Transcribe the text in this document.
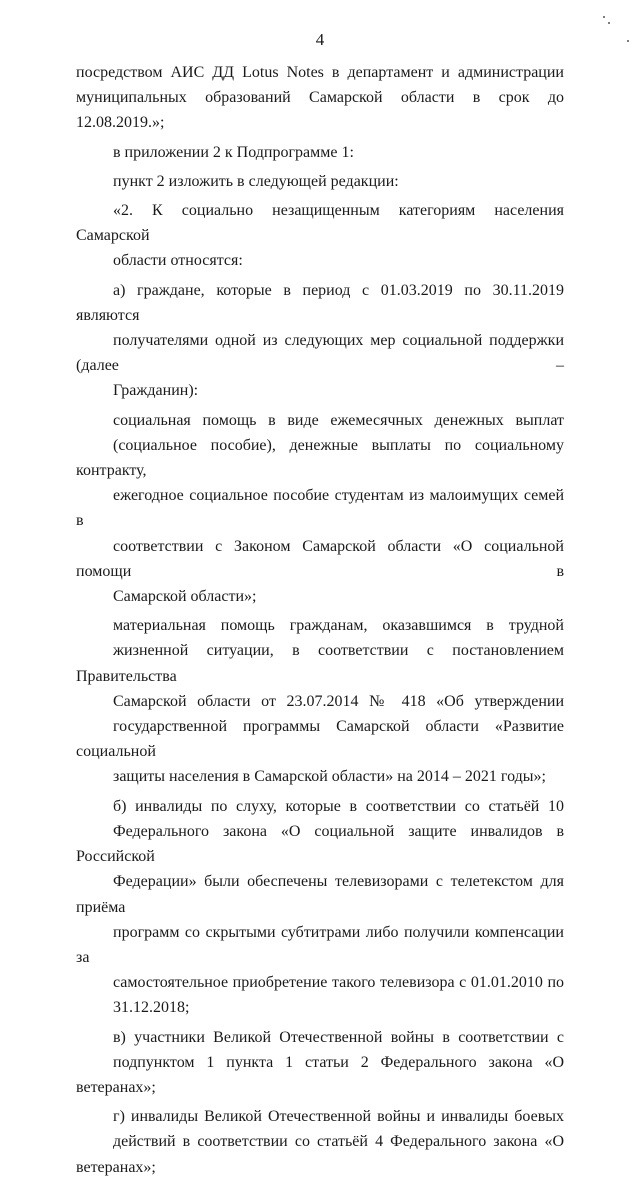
4

посредством АИС ДД Lotus Notes в департамент и администрации
муниципальных образований Самарской области в срок до 12.08.2019.»;

в приложении 2 к Подпрограмме 1:

пункт 2 изложить в следующей редакции:

«2. К социально незащищенным категориям населения Самарской
области относятся:

а) граждане, которые в период с 01.03.2019 по 30.11.2019 являются
получателями одной из следующих мер социальной поддержки (далее –
Гражданин):

социальная помощь в виде ежемесячных денежных выплат
(социальное пособие), денежные выплаты по социальному контракту,
ежегодное социальное пособие студентам из малоимущих семей в
соответствии с Законом Самарской области «О социальной помощи в
Самарской области»;

материальная помощь гражданам, оказавшимся в трудной
жизненной ситуации, в соответствии с постановлением Правительства
Самарской области от 23.07.2014 № 418 «Об утверждении
государственной программы Самарской области «Развитие социальной
защиты населения в Самарской области» на 2014 – 2021 годы»;

б) инвалиды по слуху, которые в соответствии со статьёй 10
Федерального закона «О социальной защите инвалидов в Российской
Федерации» были обеспечены телевизорами с телетекстом для приёма
программ со скрытыми субтитрами либо получили компенсации за
самостоятельное приобретение такого телевизора с 01.01.2010 по
31.12.2018;

в) участники Великой Отечественной войны в соответствии с
подпунктом 1 пункта 1 статьи 2 Федерального закона «О ветеранах»;

г) инвалиды Великой Отечественной войны и инвалиды боевых
действий в соответствии со статьёй 4 Федерального закона «О ветеранах»;
